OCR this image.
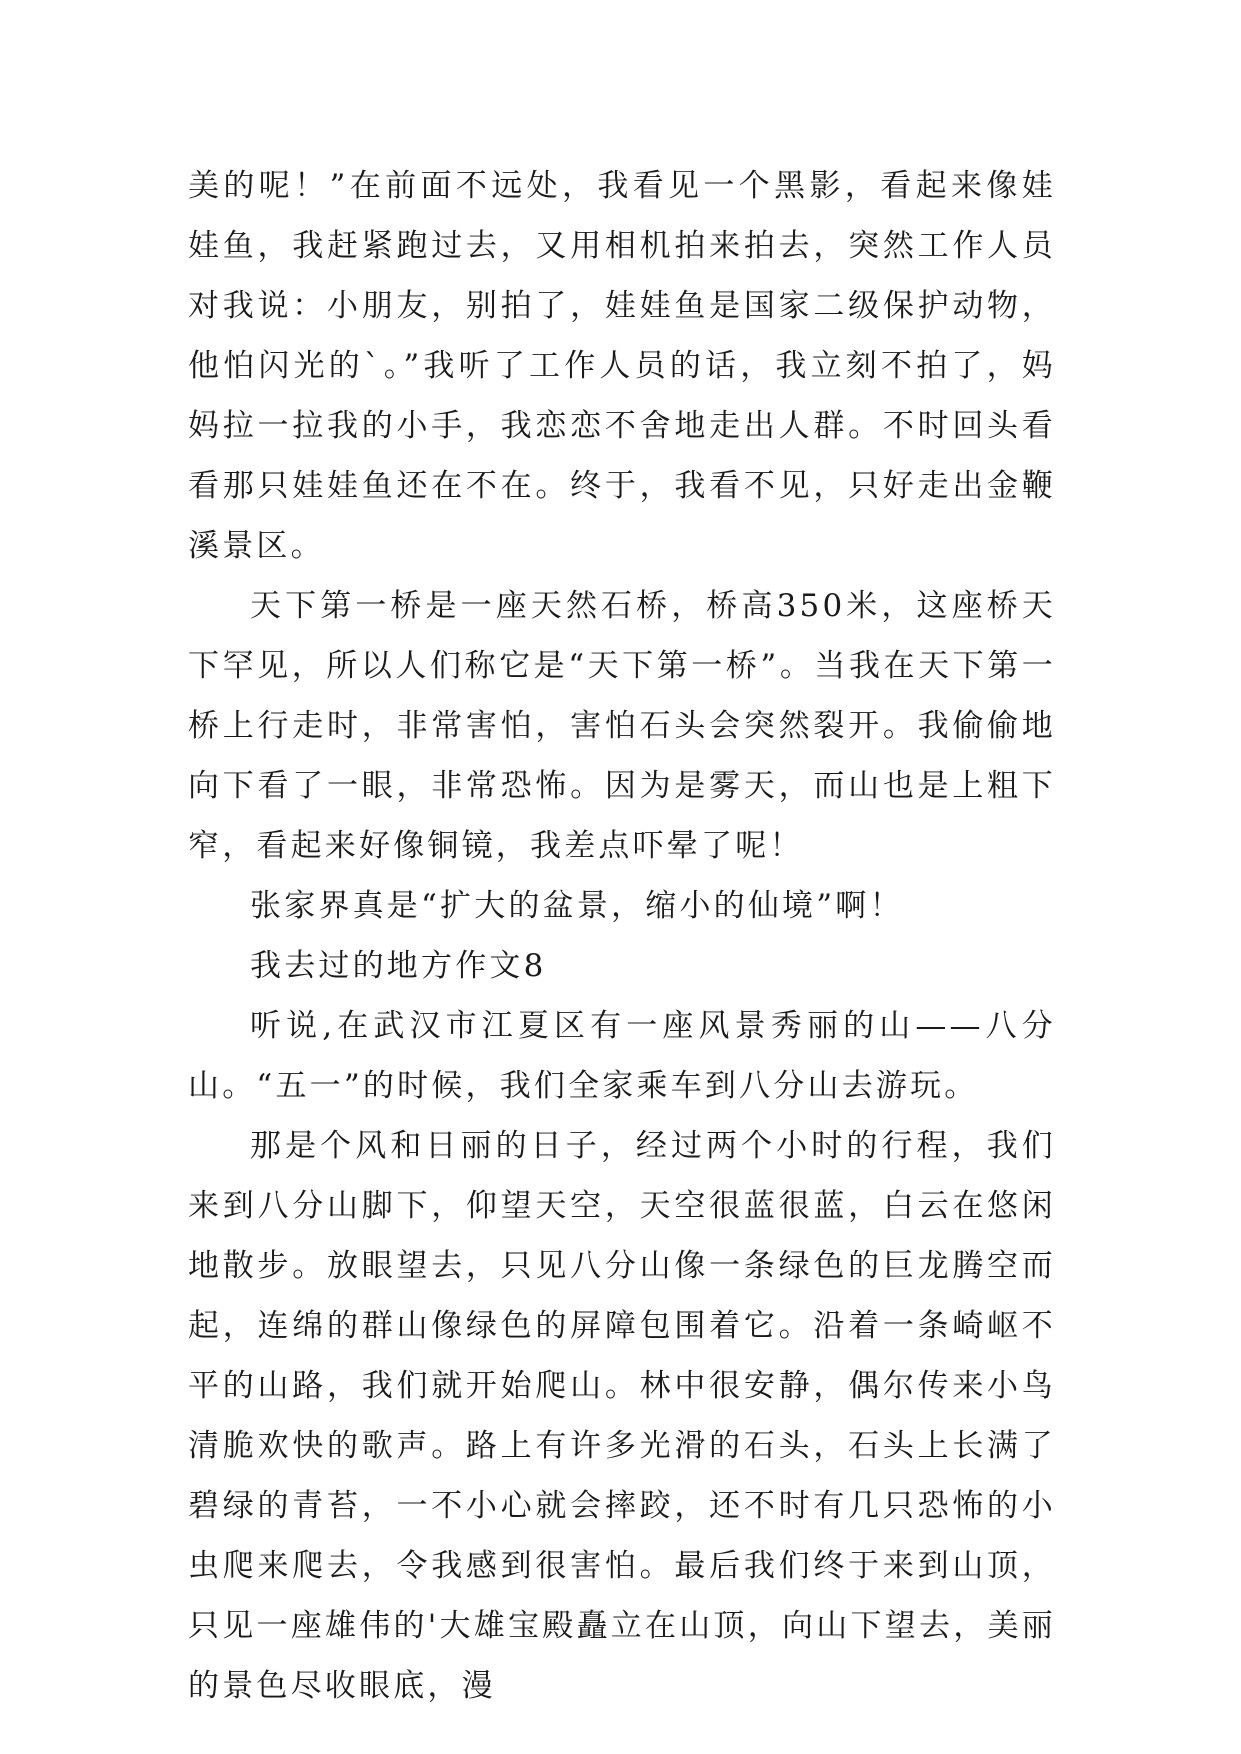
美的呢！”在前面不远处，我看见一个黑影，看起来像娃娃鱼，我赶紧跑过去，又用相机拍来拍去，突然工作人员对我说：小朋友，别拍了，娃娃鱼是国家二级保护动物，他怕闪光的`。”我听了工作人员的话，我立刻不拍了，妈妈拉一拉我的小手，我恋恋不舍地走出人群。不时回头看看那只娃娃鱼还在不在。终于，我看不见，只好走出金鞭溪景区。

天下第一桥是一座天然石桥，桥高350米，这座桥天下罕见，所以人们称它是“天下第一桥”。当我在天下第一桥上行走时，非常害怕，害怕石头会突然裂开。我偷偷地向下看了一眼，非常恐怖。因为是雾天，而山也是上粗下窄，看起来好像铜镜，我差点吓晕了呢！

张家界真是“扩大的盆景，缩小的仙境”啊！

我去过的地方作文8

听说,在武汉市江夏区有一座风景秀丽的山——八分山。“五一”的时候，我们全家乘车到八分山去游玩。

那是个风和日丽的日子，经过两个小时的行程，我们来到八分山脚下，仰望天空，天空很蓝很蓝，白云在悠闲地散步。放眼望去，只见八分山像一条绿色的巨龙腾空而起，连绵的群山像绿色的屏障包围着它。沿着一条崎岖不平的山路，我们就开始爬山。林中很安静，偶尔传来小鸟清脆欢快的歌声。路上有许多光滑的石头，石头上长满了碧绿的青苔，一不小心就会摔跤，还不时有几只恐怖的小虫爬来爬去，令我感到很害怕。最后我们终于来到山顶，只见一座雄伟的'大雄宝殿矗立在山顶，向山下望去，美丽的景色尽收眼底，漫
